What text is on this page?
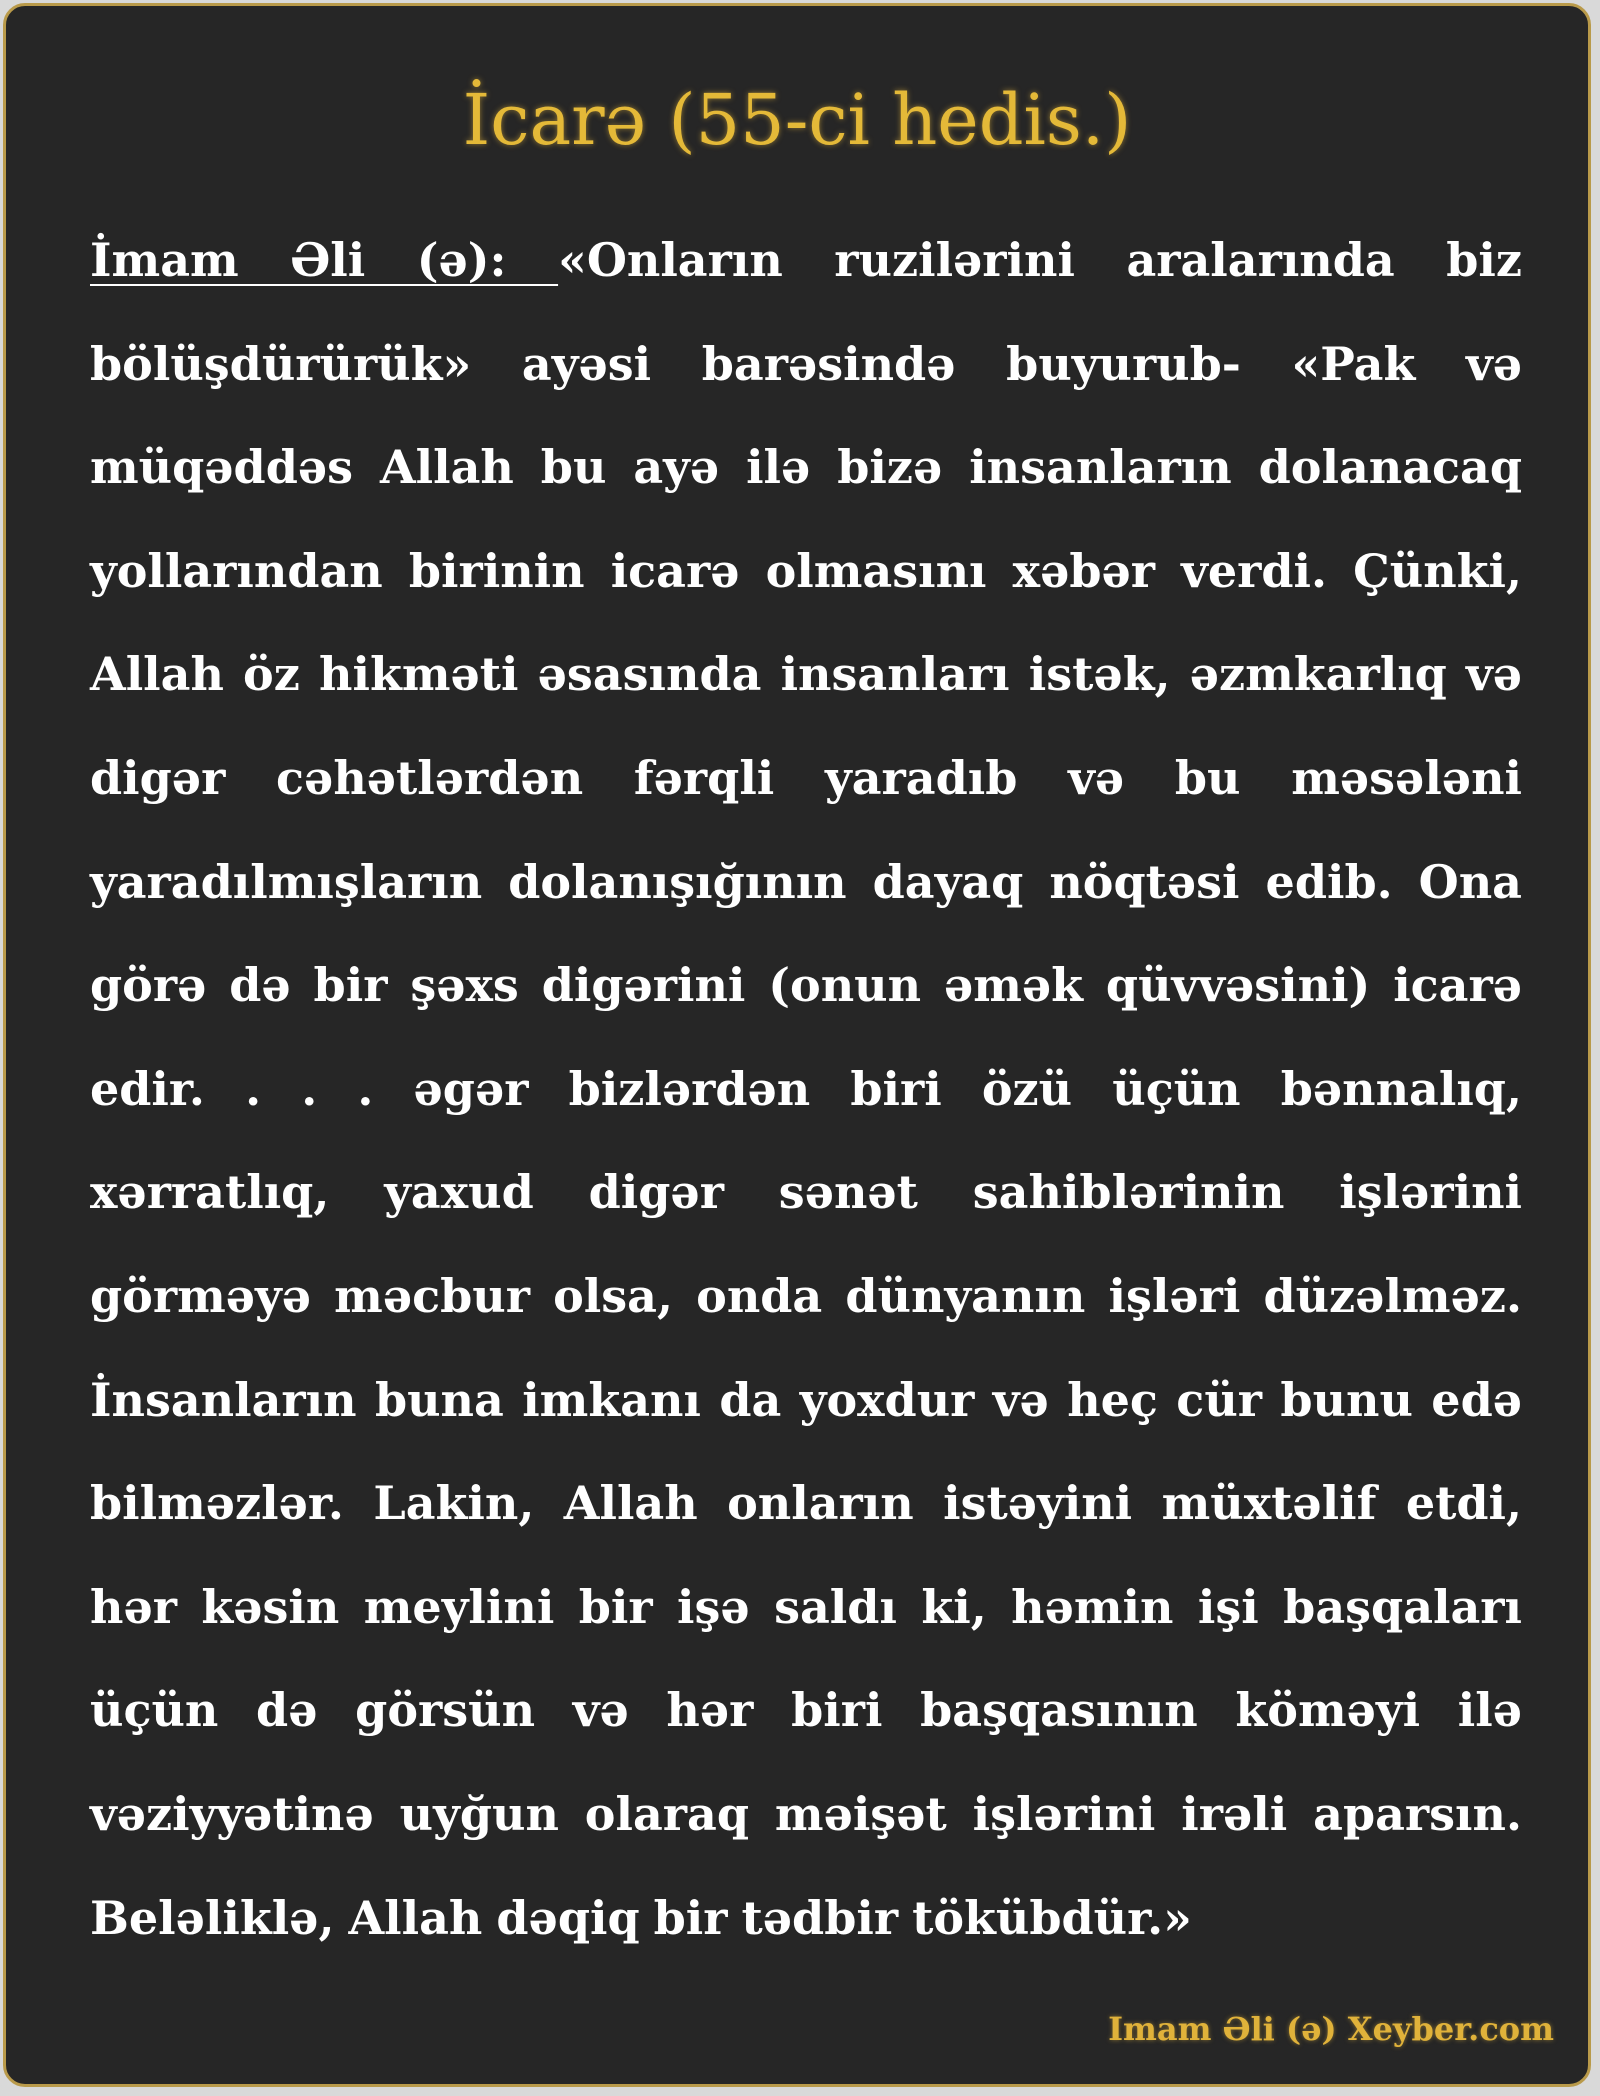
İcarə (55-ci hedis.)

İmam Əli (ə): «Onların ruzilərini aralarında biz bölüşdürürük» ayəsi barəsində buyurub- «Pak və müqəddəs Allah bu ayə ilə bizə insanların dolanacaq yollarından birinin icarə olmasını xəbər verdi. Çünki, Allah öz hikməti əsasında insanları istək, əzmkarlıq və digər cəhətlərdən fərqli yaradıb və bu məsələni yaradılmışların dolanışığının dayaq nöqtəsi edib. Ona görə də bir şəxs digərini (onun əmək qüvvəsini) icarə edir. . . . əgər bizlərdən biri özü üçün bənnalıq, xərratlıq, yaxud digər sənət sahiblərinin işlərini görməyə məcbur olsa, onda dünyanın işləri düzəlməz. İnsanların buna imkanı da yoxdur və heç cür bunu edə bilməzlər. Lakin, Allah onların istəyini müxtəlif etdi, hər kəsin meylini bir işə saldı ki, həmin işi başqaları üçün də görsün və hər biri başqasının köməyi ilə vəziyyətinə uyğun olaraq məişət işlərini irəli aparsın. Beləliklə, Allah dəqiq bir tədbir tökübdür.»

Imam Əli (ə) Xeyber.com
